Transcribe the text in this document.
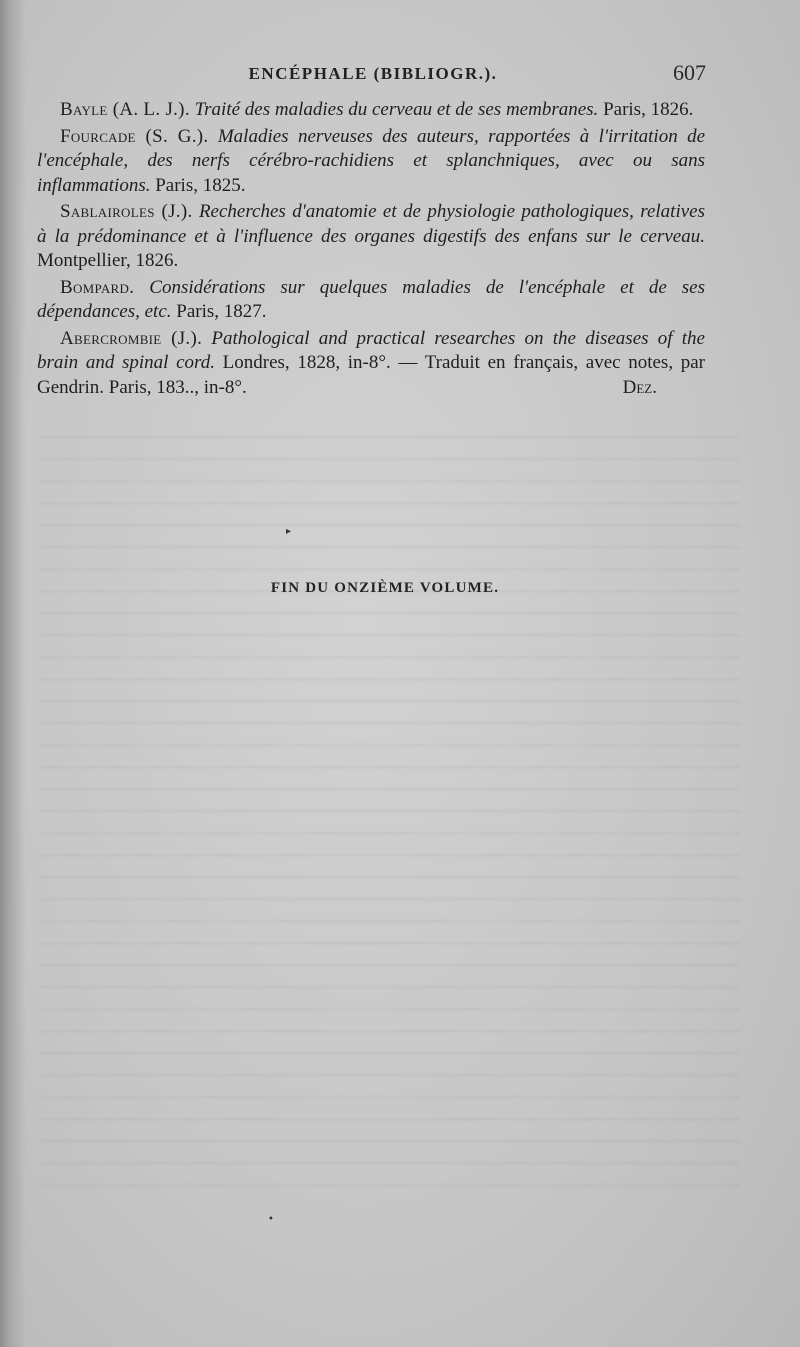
ENCÉPHALE (BIBLIOGR.).	607

Bayle (A. L. J.). Traité des maladies du cerveau et de ses membranes. Paris, 1826.

Fourcade (S. G.). Maladies nerveuses des auteurs, rapportées à l'irritation de l'encéphale, des nerfs cérébro-rachidiens et splanchniques, avec ou sans inflammations. Paris, 1825.

Sablairoles (J.). Recherches d'anatomie et de physiologie pathologiques, relatives à la prédominance et à l'influence des organes digestifs des enfans sur le cerveau. Montpellier, 1826.

Bompard. Considérations sur quelques maladies de l'encéphale et de ses dépendances, etc. Paris, 1827.

Abercrombie (J.). Pathological and practical researches on the diseases of the brain and spinal cord. Londres, 1828, in-8°. — Traduit en français, avec notes, par Gendrin. Paris, 183.., in-8°.	Dez.

FIN DU ONZIÈME VOLUME.
▸
•
